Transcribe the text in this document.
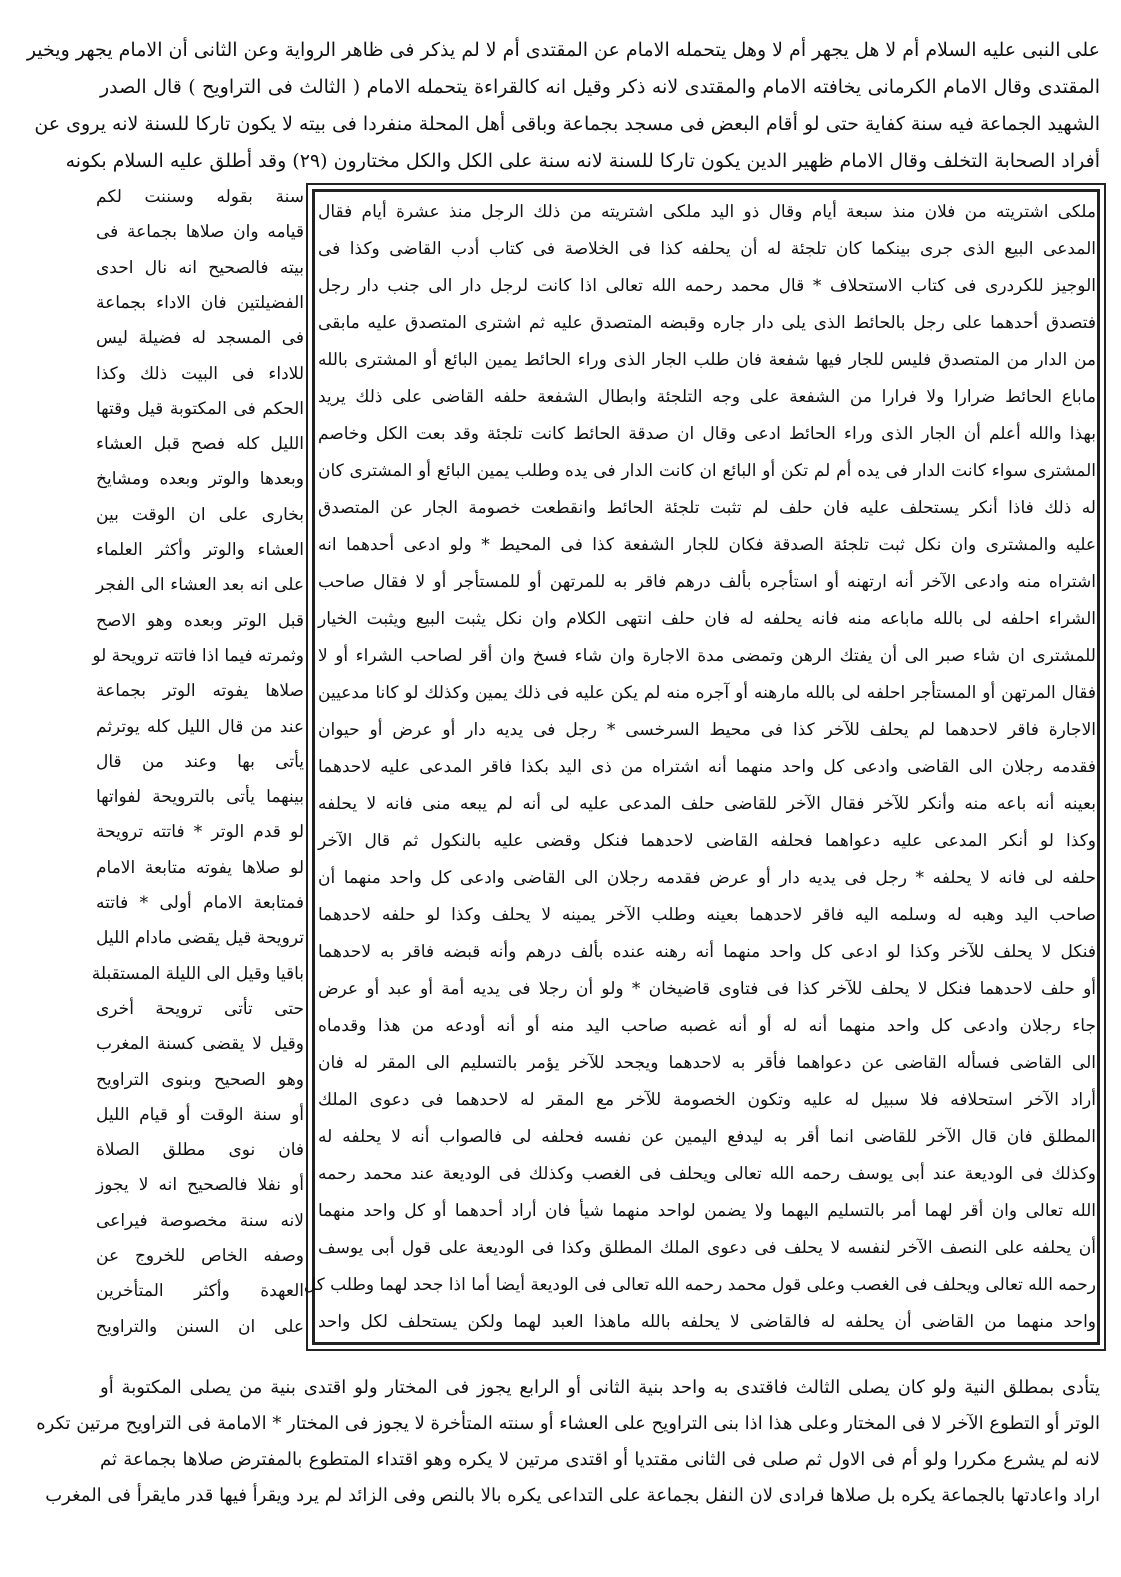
على النبى عليه السلام أم لا هل يجهر أم لا وهل يتحمله الامام عن المقتدى أم لا لم يذكر فى ظاهر الرواية وعن الثانى أن الامام يجهر ويخير
المقتدى وقال الامام الكرمانى يخافته الامام والمقتدى لانه ذكر وقيل انه كالقراءة يتحمله الامام ( الثالث فى التراويح ) قال الصدر
الشهيد الجماعة فيه سنة كفاية حتى لو أقام البعض فى مسجد بجماعة وباقى أهل المحلة منفردا فى بيته لا يكون تاركا للسنة لانه يروى عن
أفراد الصحابة التخلف وقال الامام ظهير الدين يكون تاركا للسنة لانه سنة على الكل والكل مختارون (٢٩) وقد أطلق عليه السلام بكونه
سنة بقوله وسننت لكم
قيامه وان صلاها بجماعة فى
بيته فالصحيح انه نال احدى
الفضيلتين فان الاداء بجماعة
فى المسجد له فضيلة ليس
للاداء فى البيت ذلك وكذا
الحكم فى المكتوبة قيل وقتها
الليل كله فصح قبل العشاء
وبعدها والوتر وبعده ومشايخ
بخارى على ان الوقت بين
العشاء والوتر وأكثر العلماء
على انه بعد العشاء الى الفجر
قبل الوتر وبعده وهو الاصح
وثمرته فيما اذا فاتته ترويحة لو
صلاها يفوته الوتر بجماعة
عند من قال الليل كله يوترثم
يأتى بها وعند من قال
بينهما يأتى بالترويحة لفواتها
لو قدم الوتر * فاتته ترويحة
لو صلاها يفوته متابعة الامام
فمتابعة الامام أولى * فاتته
ترويحة قيل يقضى مادام الليل
باقيا وقيل الى الليلة المستقبلة
حتى تأتى ترويحة أخرى
وقيل لا يقضى كسنة المغرب
وهو الصحيح وبنوى التراويح
أو سنة الوقت أو قيام الليل
فان نوى مطلق الصلاة
أو نفلا فالصحيح انه لا يجوز
لانه سنة مخصوصة فيراعى
وصفه الخاص للخروج عن
العهدة وأكثر المتأخرين
على ان السنن والتراويح
ملكى اشتريته من فلان منذ سبعة أيام وقال ذو اليد ملكى اشتريته من ذلك الرجل منذ عشرة أيام فقال
المدعى البيع الذى جرى بينكما كان تلجئة له أن يحلفه كذا فى الخلاصة فى كتاب أدب القاضى وكذا فى
الوجيز للكردرى فى كتاب الاستحلاف * قال محمد رحمه الله تعالى اذا كانت لرجل دار الى جنب دار رجل
فتصدق أحدهما على رجل بالحائط الذى يلى دار جاره وقبضه المتصدق عليه ثم اشترى المتصدق عليه مابقى
من الدار من المتصدق فليس للجار فيها شفعة فان طلب الجار الذى وراء الحائط يمين البائع أو المشترى بالله
ماباع الحائط ضرارا ولا فرارا من الشفعة على وجه التلجئة وابطال الشفعة حلفه القاضى على ذلك يريد
بهذا والله أعلم أن الجار الذى وراء الحائط ادعى وقال ان صدقة الحائط كانت تلجئة وقد بعت الكل وخاصم
المشترى سواء كانت الدار فى يده أم لم تكن أو البائع ان كانت الدار فى يده وطلب يمين البائع أو المشترى كان
له ذلك فاذا أنكر يستحلف عليه فان حلف لم تثبت تلجئة الحائط وانقطعت خصومة الجار عن المتصدق
عليه والمشترى وان نكل ثبت تلجئة الصدقة فكان للجار الشفعة كذا فى المحيط * ولو ادعى أحدهما انه
اشتراه منه وادعى الآخر أنه ارتهنه أو استأجره بألف درهم فاقر به للمرتهن أو للمستأجر أو لا فقال صاحب
الشراء احلفه لى بالله ماباعه منه فانه يحلفه له فان حلف انتهى الكلام وان نكل يثبت البيع ويثبت الخيار
للمشترى ان شاء صبر الى أن يفتك الرهن وتمضى مدة الاجارة وان شاء فسخ وان أقر لصاحب الشراء أو لا
فقال المرتهن أو المستأجر احلفه لى بالله مارهنه أو آجره منه لم يكن عليه فى ذلك يمين وكذلك لو كانا مدعيين
الاجارة فاقر لاحدهما لم يحلف للآخر كذا فى محيط السرخسى * رجل فى يديه دار أو عرض أو حيوان
فقدمه رجلان الى القاضى وادعى كل واحد منهما أنه اشتراه من ذى اليد بكذا فاقر المدعى عليه لاحدهما
بعينه أنه باعه منه وأنكر للآخر فقال الآخر للقاضى حلف المدعى عليه لى أنه لم يبعه منى فانه لا يحلفه
وكذا لو أنكر المدعى عليه دعواهما فحلفه القاضى لاحدهما فنكل وقضى عليه بالنكول ثم قال الآخر
حلفه لى فانه لا يحلفه * رجل فى يديه دار أو عرض فقدمه رجلان الى القاضى وادعى كل واحد منهما أن
صاحب اليد وهبه له وسلمه اليه فاقر لاحدهما بعينه وطلب الآخر يمينه لا يحلف وكذا لو حلفه لاحدهما
فنكل لا يحلف للآخر وكذا لو ادعى كل واحد منهما أنه رهنه عنده بألف درهم وأنه قبضه فاقر به لاحدهما
أو حلف لاحدهما فنكل لا يحلف للآخر كذا فى فتاوى قاضيخان * ولو أن رجلا فى يديه أمة أو عبد أو عرض
جاء رجلان وادعى كل واحد منهما أنه له أو أنه غصبه صاحب اليد منه أو أنه أودعه من هذا وقدماه
الى القاضى فسأله القاضى عن دعواهما فأقر به لاحدهما ويجحد للآخر يؤمر بالتسليم الى المقر له فان
أراد الآخر استحلافه فلا سبيل له عليه وتكون الخصومة للآخر مع المقر له لاحدهما فى دعوى الملك
المطلق فان قال الآخر للقاضى انما أقر به ليدفع اليمين عن نفسه فحلفه لى فالصواب أنه لا يحلفه له
وكذلك فى الوديعة عند أبى يوسف رحمه الله تعالى ويحلف فى الغصب وكذلك فى الوديعة عند محمد رحمه
الله تعالى وان أقر لهما أمر بالتسليم اليهما ولا يضمن لواحد منهما شيأ فان أراد أحدهما أو كل واحد منهما
أن يحلفه على النصف الآخر لنفسه لا يحلف فى دعوى الملك المطلق وكذا فى الوديعة على قول أبى يوسف
رحمه الله تعالى ويحلف فى الغصب وعلى قول محمد رحمه الله تعالى فى الوديعة أيضا أما اذا جحد لهما وطلب كل
واحد منهما من القاضى أن يحلفه له فالقاضى لا يحلفه بالله ماهذا العبد لهما ولكن يستحلف لكل واحد
يتأدى بمطلق النية ولو كان يصلى الثالث فاقتدى به واحد بنية الثانى أو الرابع يجوز فى المختار ولو اقتدى بنية من يصلى المكتوبة أو
الوتر أو التطوع الآخر لا فى المختار وعلى هذا اذا بنى التراويح على العشاء أو سنته المتأخرة لا يجوز فى المختار * الامامة فى التراويح مرتين تكره
لانه لم يشرع مكررا ولو أم فى الاول ثم صلى فى الثانى مقتديا أو اقتدى مرتين لا يكره وهو اقتداء المتطوع بالمفترض صلاها بجماعة ثم
اراد واعادتها بالجماعة يكره بل صلاها فرادى لان النفل بجماعة على التداعى يكره بالا بالنص وفى الزائد لم يرد ويقرأ فيها قدر مايقرأ فى المغرب
